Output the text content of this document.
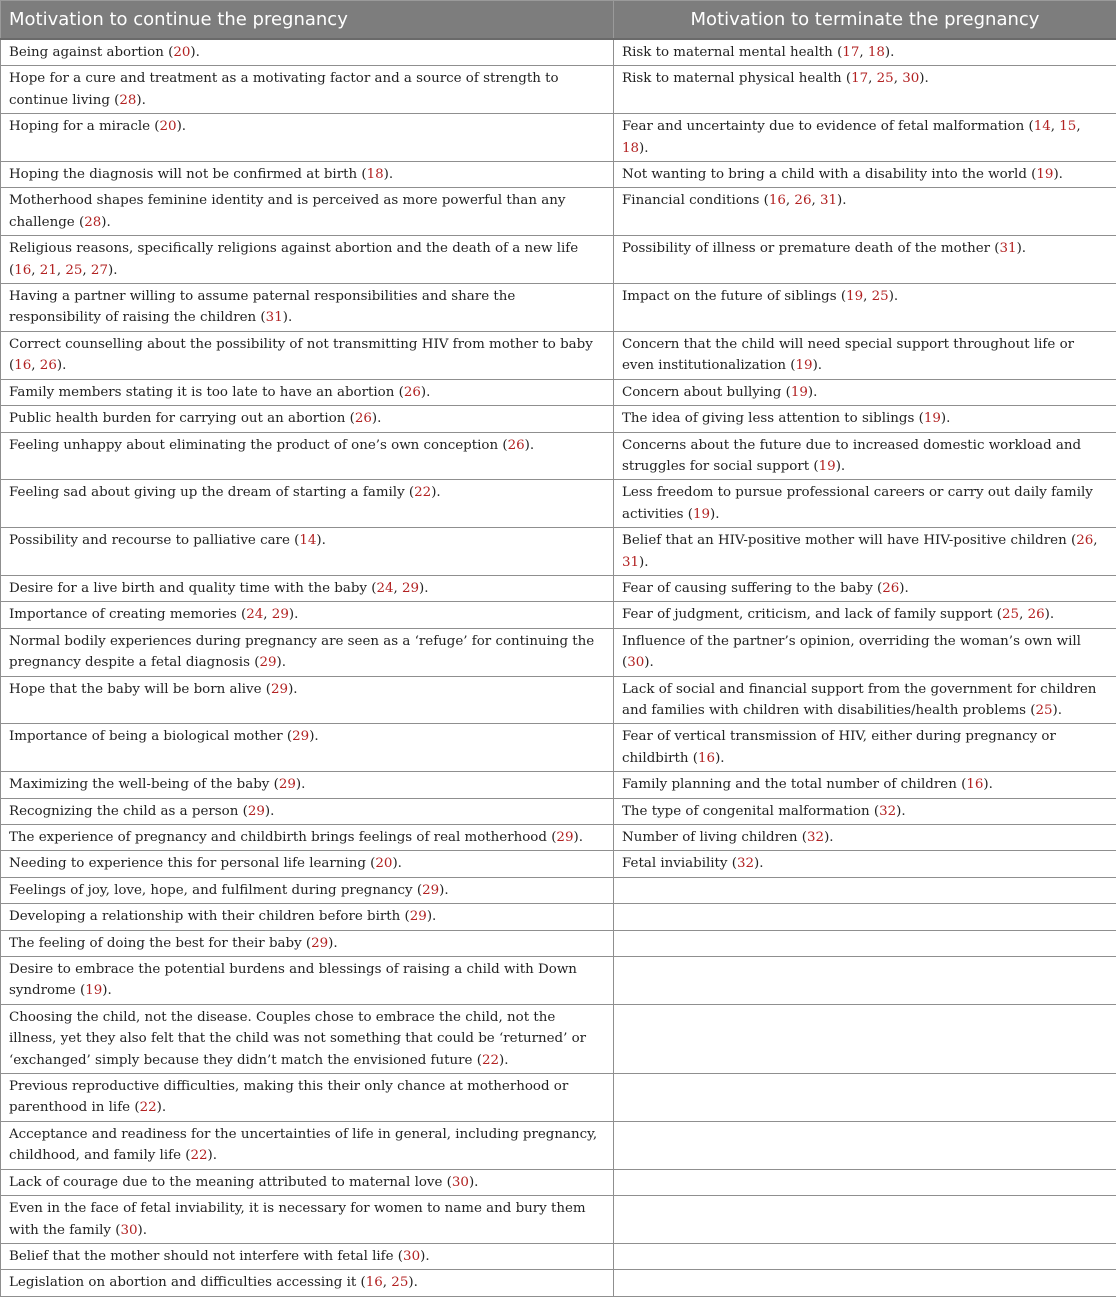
Motivation to continue the pregnancy	Motivation to terminate the pregnancy
Being against abortion (20).	Risk to maternal mental health (17, 18).
Hope for a cure and treatment as a motivating factor and a source of strength to continue living (28).	Risk to maternal physical health (17, 25, 30).
Hoping for a miracle (20).	Fear and uncertainty due to evidence of fetal malformation (14, 15, 18).
Hoping the diagnosis will not be confirmed at birth (18).	Not wanting to bring a child with a disability into the world (19).
Motherhood shapes feminine identity and is perceived as more powerful than any challenge (28).	Financial conditions (16, 26, 31).
Religious reasons, specifically religions against abortion and the death of a new life (16, 21, 25, 27).	Possibility of illness or premature death of the mother (31).
Having a partner willing to assume paternal responsibilities and share the responsibility of raising the children (31).	Impact on the future of siblings (19, 25).
Correct counselling about the possibility of not transmitting HIV from mother to baby (16, 26).	Concern that the child will need special support throughout life or even institutionalization (19).
Family members stating it is too late to have an abortion (26).	Concern about bullying (19).
Public health burden for carrying out an abortion (26).	The idea of giving less attention to siblings (19).
Feeling unhappy about eliminating the product of one’s own conception (26).	Concerns about the future due to increased domestic workload and struggles for social support (19).
Feeling sad about giving up the dream of starting a family (22).	Less freedom to pursue professional careers or carry out daily family activities (19).
Possibility and recourse to palliative care (14).	Belief that an HIV-positive mother will have HIV-positive children (26, 31).
Desire for a live birth and quality time with the baby (24, 29).	Fear of causing suffering to the baby (26).
Importance of creating memories (24, 29).	Fear of judgment, criticism, and lack of family support (25, 26).
Normal bodily experiences during pregnancy are seen as a ‘refuge’ for continuing the pregnancy despite a fetal diagnosis (29).	Influence of the partner’s opinion, overriding the woman’s own will (30).
Hope that the baby will be born alive (29).	Lack of social and financial support from the government for children and families with children with disabilities/health problems (25).
Importance of being a biological mother (29).	Fear of vertical transmission of HIV, either during pregnancy or childbirth (16).
Maximizing the well-being of the baby (29).	Family planning and the total number of children (16).
Recognizing the child as a person (29).	The type of congenital malformation (32).
The experience of pregnancy and childbirth brings feelings of real motherhood (29).	Number of living children (32).
Needing to experience this for personal life learning (20).	Fetal inviability (32).
Feelings of joy, love, hope, and fulfilment during pregnancy (29).	
Developing a relationship with their children before birth (29).	
The feeling of doing the best for their baby (29).	
Desire to embrace the potential burdens and blessings of raising a child with Down syndrome (19).	
Choosing the child, not the disease. Couples chose to embrace the child, not the illness, yet they also felt that the child was not something that could be ‘returned’ or ‘exchanged’ simply because they didn’t match the envisioned future (22).	
Previous reproductive difficulties, making this their only chance at motherhood or parenthood in life (22).	
Acceptance and readiness for the uncertainties of life in general, including pregnancy, childhood, and family life (22).	
Lack of courage due to the meaning attributed to maternal love (30).	
Even in the face of fetal inviability, it is necessary for women to name and bury them with the family (30).	
Belief that the mother should not interfere with fetal life (30).	
Legislation on abortion and difficulties accessing it (16, 25).	
